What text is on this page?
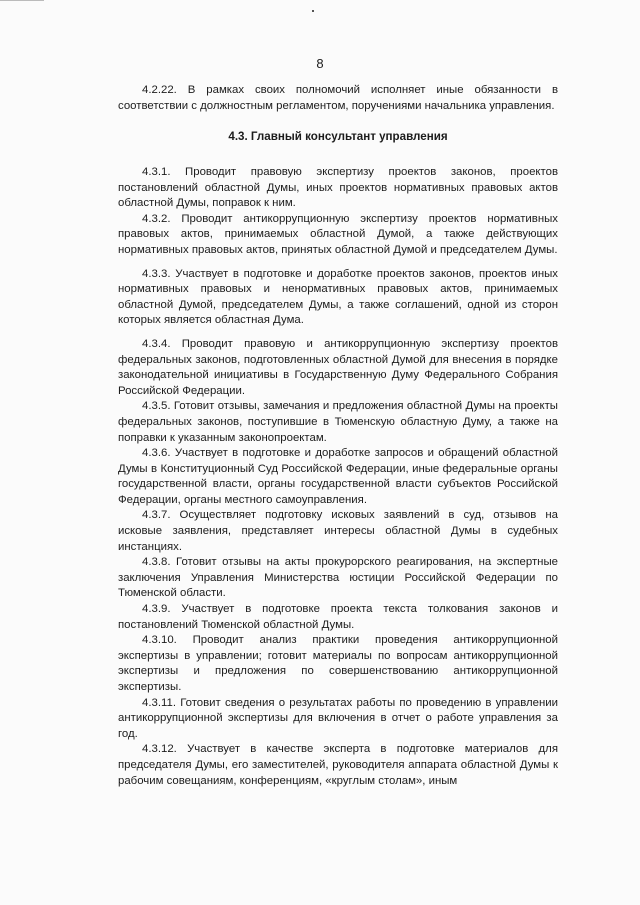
8

4.2.22. В рамках своих полномочий исполняет иные обязанности в соответствии с должностным регламентом, поручениями начальника управления.

4.3. Главный консультант управления

4.3.1. Проводит правовую экспертизу проектов законов, проектов постановлений областной Думы, иных проектов нормативных правовых актов областной Думы, поправок к ним.

4.3.2. Проводит антикоррупционную экспертизу проектов нормативных правовых актов, принимаемых областной Думой, а также действующих нормативных правовых актов, принятых областной Думой и председателем Думы.

4.3.3. Участвует в подготовке и доработке проектов законов, проектов иных нормативных правовых и ненормативных правовых актов, принимаемых областной Думой, председателем Думы, а также соглашений, одной из сторон которых является областная Дума.

4.3.4. Проводит правовую и антикоррупционную экспертизу проектов федеральных законов, подготовленных областной Думой для внесения в порядке законодательной инициативы в Государственную Думу Федерального Собрания Российской Федерации.

4.3.5. Готовит отзывы, замечания и предложения областной Думы на проекты федеральных законов, поступившие в Тюменскую областную Думу, а также на поправки к указанным законопроектам.

4.3.6. Участвует в подготовке и доработке запросов и обращений областной Думы в Конституционный Суд Российской Федерации, иные федеральные органы государственной власти, органы государственной власти субъектов Российской Федерации, органы местного самоуправления.

4.3.7. Осуществляет подготовку исковых заявлений в суд, отзывов на исковые заявления, представляет интересы областной Думы в судебных инстанциях.

4.3.8. Готовит отзывы на акты прокурорского реагирования, на экспертные заключения Управления Министерства юстиции Российской Федерации по Тюменской области.

4.3.9. Участвует в подготовке проекта текста толкования законов и постановлений Тюменской областной Думы.

4.3.10. Проводит анализ практики проведения антикоррупционной экспертизы в управлении; готовит материалы по вопросам антикоррупционной экспертизы и предложения по совершенствованию антикоррупционной экспертизы.

4.3.11. Готовит сведения о результатах работы по проведению в управлении антикоррупционной экспертизы для включения в отчет о работе управления за год.

4.3.12. Участвует в качестве эксперта в подготовке материалов для председателя Думы, его заместителей, руководителя аппарата областной Думы к рабочим совещаниям, конференциям, «круглым столам», иным
